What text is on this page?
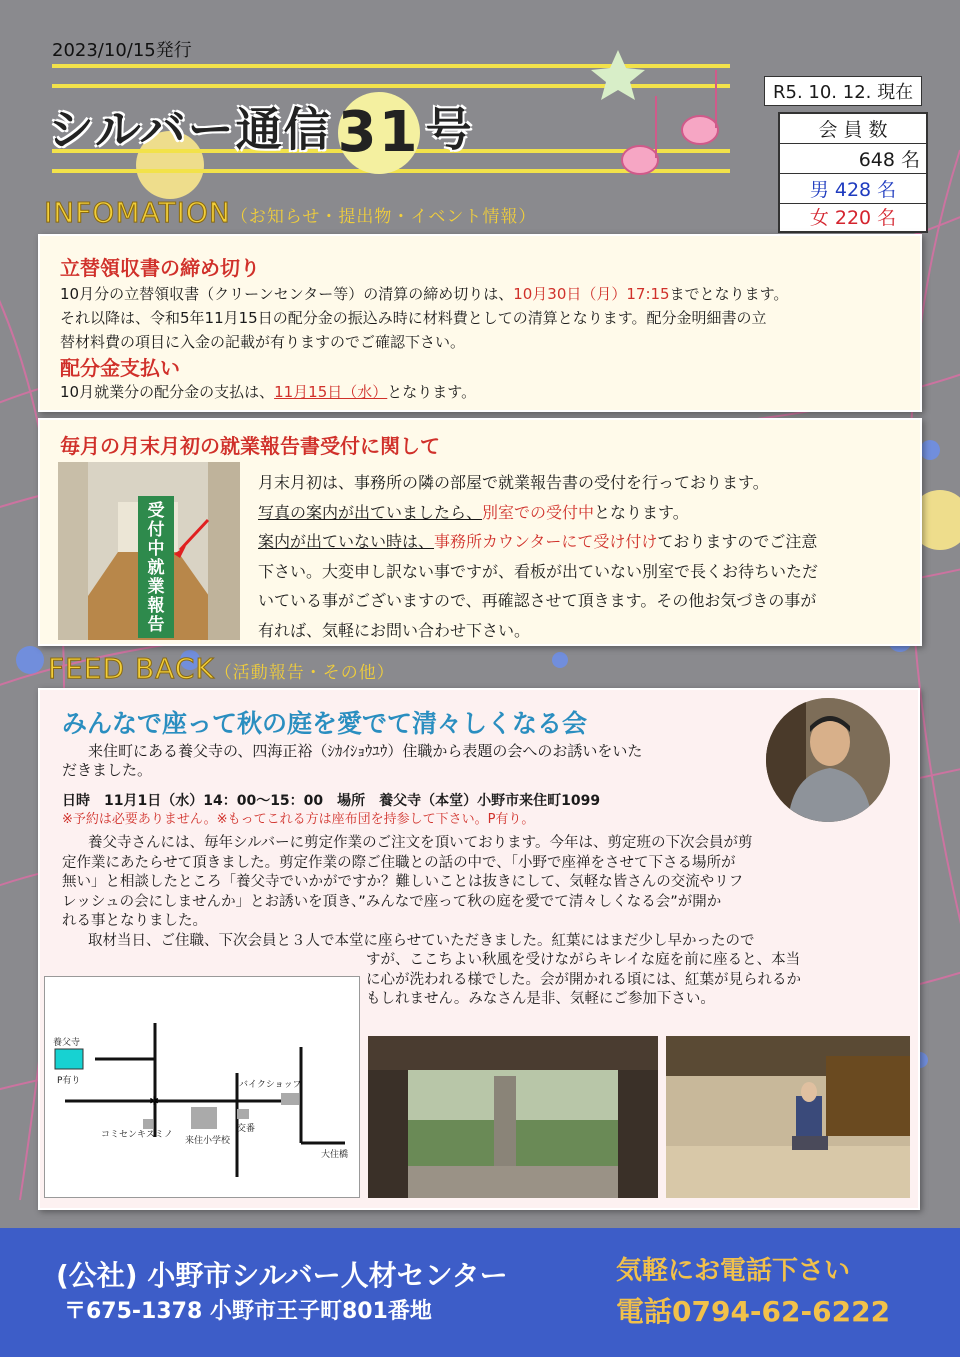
2023/10/15発行
シルバー通信 31 号
R5. 10. 12. 現在
会 員 数
648 名
男 428 名
女 220 名
INFOMATION（お知らせ・提出物・イベント情報）
立替領収書の締め切り
10月分の立替領収書（クリーンセンター等）の清算の締め切りは、10月30日（月）17:15までとなります。
それ以降は、令和5年11月15日の配分金の振込み時に材料費としての清算となります。配分金明細書の立
替材料費の項目に入金の記載が有りますのでご確認下さい。
配分金支払い
10月就業分の配分金の支払は、11月15日（水）となります。
毎月の月末月初の就業報告書受付に関して
受付中就業報告
月末月初は、事務所の隣の部屋で就業報告書の受付を行っております。
写真の案内が出ていましたら、別室での受付中となります。
案内が出ていない時は、事務所カウンターにて受け付けておりますのでご注意
下さい。大変申し訳ない事ですが、看板が出ていない別室で長くお待ちいただ
いている事がございますので、再確認させて頂きます。その他お気づきの事が
有れば、気軽にお問い合わせ下さい。
FEED BACK（活動報告・その他）
みんなで座って秋の庭を愛でて清々しくなる会
来住町にある養父寺の、四海正裕（ｼｶｲｼｮｳﾕｳ）住職から表題の会へのお誘いをいた
だきました。
日時　11月1日（水）14：00〜15：00　場所　養父寺（本堂）小野市来住町1099
※予約は必要ありません。※もってこれる方は座布団を持参して下さい。P有り。
養父寺さんには、毎年シルバーに剪定作業のご注文を頂いております。今年は、剪定班の下次会員が剪
定作業にあたらせて頂きました。剪定作業の際ご住職との話の中で、「小野で座禅をさせて下さる場所が
無い」と相談したところ「養父寺でいかがですか？難しいことは抜きにして、気軽な皆さんの交流やリフ
レッシュの会にしませんか」とお誘いを頂き、”みんなで座って秋の庭を愛でて清々しくなる会”が開か
れる事となりました。
取材当日、ご住職、下次会員と３人で本堂に座らせていただきました。紅葉にはまだ少し早かったので
すが、ここちよい秋風を受けながらキレイな庭を前に座ると、本当
に心が洗われる様でした。会が開かれる頃には、紅葉が見られるか
もしれません。みなさん是非、気軽にご参加下さい。
✲
養父寺
P有り	バイクショップ
交番
コミセンキスミノ
来住小学校
大住橋
(公社) 小野市シルバー人材センター
〒675-1378 小野市王子町801番地
気軽にお電話下さい
電話0794-62-6222
